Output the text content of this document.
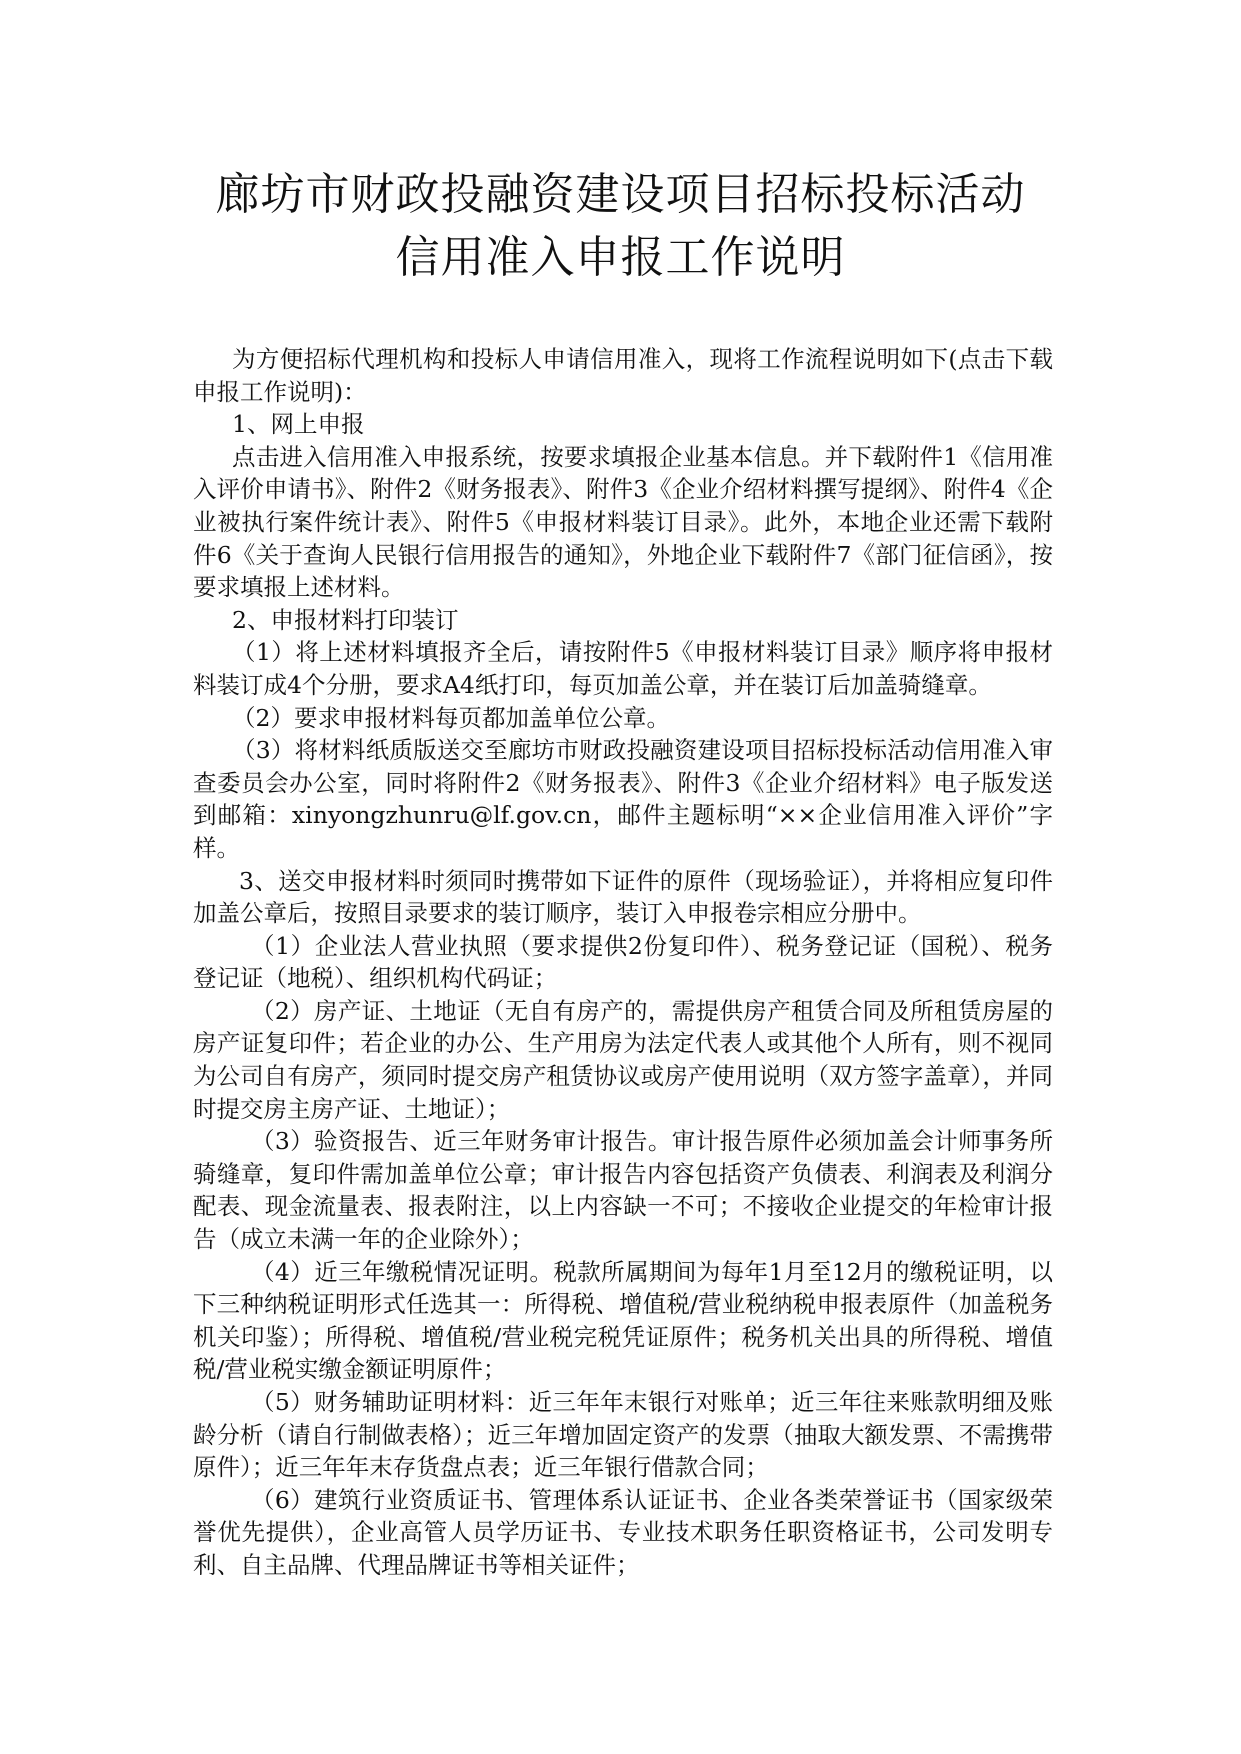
廊坊市财政投融资建设项目招标投标活动
信用准入申报工作说明

为方便招标代理机构和投标人申请信用准入，现将工作流程说明如下(点击下载申报工作说明)：

1、网上申报

点击进入信用准入申报系统，按要求填报企业基本信息。并下载附件1《信用准入评价申请书》、附件2《财务报表》、附件3《企业介绍材料撰写提纲》、附件4《企业被执行案件统计表》、附件5《申报材料装订目录》。此外，本地企业还需下载附件6《关于查询人民银行信用报告的通知》，外地企业下载附件7《部门征信函》，按要求填报上述材料。

2、申报材料打印装订

（1）将上述材料填报齐全后，请按附件5《申报材料装订目录》顺序将申报材料装订成4个分册，要求A4纸打印，每页加盖公章，并在装订后加盖骑缝章。

（2）要求申报材料每页都加盖单位公章。

（3）将材料纸质版送交至廊坊市财政投融资建设项目招标投标活动信用准入审查委员会办公室，同时将附件2《财务报表》、附件3《企业介绍材料》电子版发送到邮箱：xinyongzhunru@lf.gov.cn，邮件主题标明“××企业信用准入评价”字样。

3、送交申报材料时须同时携带如下证件的原件（现场验证），并将相应复印件加盖公章后，按照目录要求的装订顺序，装订入申报卷宗相应分册中。

（1）企业法人营业执照（要求提供2份复印件）、税务登记证（国税）、税务登记证（地税）、组织机构代码证；

（2）房产证、土地证（无自有房产的，需提供房产租赁合同及所租赁房屋的房产证复印件；若企业的办公、生产用房为法定代表人或其他个人所有，则不视同为公司自有房产，须同时提交房产租赁协议或房产使用说明（双方签字盖章），并同时提交房主房产证、土地证）；

（3）验资报告、近三年财务审计报告。审计报告原件必须加盖会计师事务所骑缝章，复印件需加盖单位公章；审计报告内容包括资产负债表、利润表及利润分配表、现金流量表、报表附注，以上内容缺一不可；不接收企业提交的年检审计报告（成立未满一年的企业除外）；

（4）近三年缴税情况证明。税款所属期间为每年1月至12月的缴税证明，以下三种纳税证明形式任选其一：所得税、增值税/营业税纳税申报表原件（加盖税务机关印鉴）；所得税、增值税/营业税完税凭证原件；税务机关出具的所得税、增值税/营业税实缴金额证明原件；

（5）财务辅助证明材料：近三年年末银行对账单；近三年往来账款明细及账龄分析（请自行制做表格）；近三年增加固定资产的发票（抽取大额发票、不需携带原件）；近三年年末存货盘点表；近三年银行借款合同；

（6）建筑行业资质证书、管理体系认证证书、企业各类荣誉证书（国家级荣誉优先提供），企业高管人员学历证书、专业技术职务任职资格证书，公司发明专利、自主品牌、代理品牌证书等相关证件；
